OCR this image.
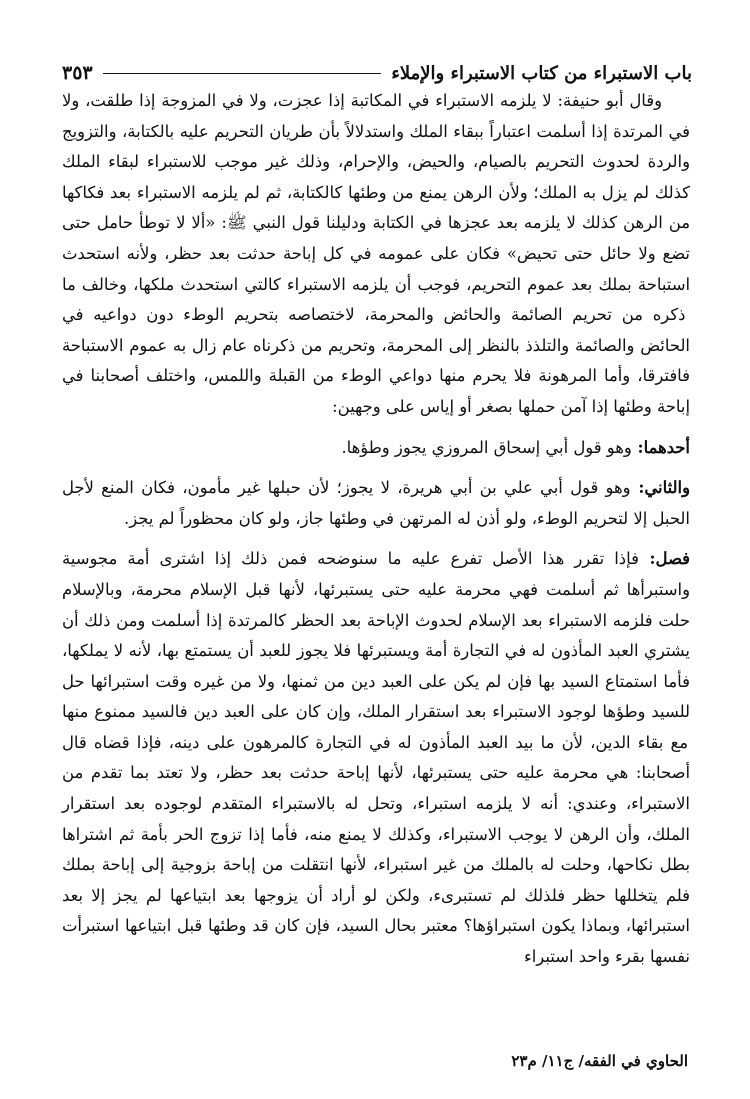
باب الاستبراء من كتاب الاستبراء والإملاء
٣٥٣

وقال أبو حنيفة: لا يلزمه الاستبراء في المكاتبة إذا عجزت، ولا في المزوجة إذا طلقت، ولا في المرتدة إذا أسلمت اعتباراً ببقاء الملك واستدلالاً بأن طريان التحريم عليه بالكتابة، والتزويج والردة لحدوث التحريم بالصيام، والحيض، والإحرام، وذلك غير موجب للاستبراء لبقاء الملك كذلك لم يزل به الملك؛ ولأن الرهن يمنع من وطئها كالكتابة، ثم لم يلزمه الاستبراء بعد فكاكها من الرهن كذلك لا يلزمه بعد عجزها في الكتابة ودليلنا قول النبي ﷺ: «ألا لا توطأ حامل حتى تضع ولا حائل حتى تحيض» فكان على عمومه في كل إباحة حدثت بعد حظر، ولأنه استحدث استباحة بملك بعد عموم التحريم، فوجب أن يلزمه الاستبراء كالتي استحدث ملكها، وخالف ما ذكره من تحريم الصائمة والحائض والمحرمة، لاختصاصه بتحريم الوطء دون دواعيه في الحائض والصائمة والتلذذ بالنظر إلى المحرمة، وتحريم من ذكرناه عام زال به عموم الاستباحة فافترقا، وأما المرهونة فلا يحرم منها دواعي الوطء من القبلة واللمس، واختلف أصحابنا في إباحة وطئها إذا آمن حملها بصغر أو إياس على وجهين:

أحدهما: وهو قول أبي إسحاق المروزي يجوز وطؤها.

والثاني: وهو قول أبي علي بن أبي هريرة، لا يجوز؛ لأن حبلها غير مأمون، فكان المنع لأجل الحبل إلا لتحريم الوطء، ولو أذن له المرتهن في وطئها جاز، ولو كان محظوراً لم يجز.

فصل: فإذا تقرر هذا الأصل تفرع عليه ما سنوضحه فمن ذلك إذا اشترى أمة مجوسية واستبرأها ثم أسلمت فهي محرمة عليه حتى يستبرئها، لأنها قبل الإسلام محرمة، وبالإسلام حلت فلزمه الاستبراء بعد الإسلام لحدوث الإباحة بعد الحظر كالمرتدة إذا أسلمت ومن ذلك أن يشتري العبد المأذون له في التجارة أمة ويستبرئها فلا يجوز للعبد أن يستمتع بها، لأنه لا يملكها، فأما استمتاع السيد بها فإن لم يكن على العبد دين من ثمنها، ولا من غيره وقت استبرائها حل للسيد وطؤها لوجود الاستبراء بعد استقرار الملك، وإن كان على العبد دين فالسيد ممنوع منها مع بقاء الدين، لأن ما بيد العبد المأذون له في التجارة كالمرهون على دينه، فإذا قضاه قال أصحابنا: هي محرمة عليه حتى يستبرئها، لأنها إباحة حدثت بعد حظر، ولا تعتد بما تقدم من الاستبراء، وعندي: أنه لا يلزمه استبراء، وتحل له بالاستبراء المتقدم لوجوده بعد استقرار الملك، وأن الرهن لا يوجب الاستبراء، وكذلك لا يمنع منه، فأما إذا تزوج الحر بأمة ثم اشتراها بطل نكاحها، وحلت له بالملك من غير استبراء، لأنها انتقلت من إباحة بزوجية إلى إباحة بملك فلم يتخللها حظر فلذلك لم تستبرىء، ولكن لو أراد أن يزوجها بعد ابتياعها لم يجز إلا بعد استبرائها، وبماذا يكون استبراؤها؟ معتبر بحال السيد، فإن كان قد وطئها قبل ابتياعها استبرأت نفسها بقرء واحد استبراء

الحاوي في الفقه/ ج١١/ م٢٣
